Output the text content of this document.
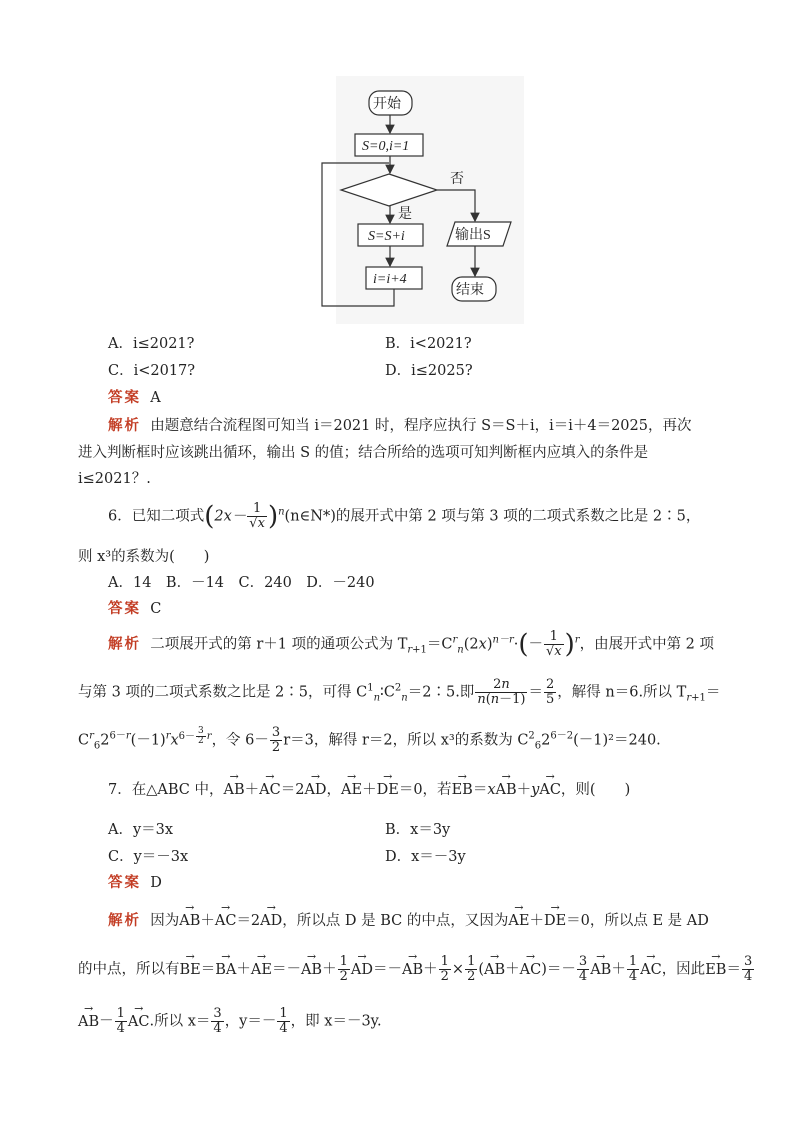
开始
S=0,i=1
否
是
S=S+i
i=i+4
输出S
结束
A．i≤2021?	B．i<2021?
C．i<2017?	D．i≤2025?
答案 A
解析 由题意结合流程图可知当 i＝2021 时，程序应执行 S＝S＋i，i＝i＋4＝2025，再次
进入判断框时应该跳出循环，输出 S 的值；结合所给的选项可知判断框内应填入的条件是
i≤2021？.
6．已知二项式($2x- \frac{1}{√x}$ )$^n(n\in N*)$的展开式中第 2 项与第 3 项的二项式系数之比是 2∶5，
则 x³的系数为(　　)
A．14　B．－14　C．240　D．－240
答案 C
解析 二项展开式的第 r＋1 项的通项公式为 $T_{r+1}=C^r_n(2x)^{n-r}\cdot(- \frac{1}{√x} )^r$，由展开式中第 2 项
与第 3 项的二项式系数之比是 2∶5，可得 $C^1_n∶C^2_n=2∶5$.即 $\frac{2n}{n(n-1)} = \frac{2}{5}$ ，解得 n＝6.所以 $T_{r+1}=$
$C^r_62^{6-r}(-1)^rx^{6- \frac{3}{2} r}$，令 $6- \frac{3}{2} r=3$，解得 r＝2，所以 x³的系数为 $C^2_62^{6-2}(-1)^2=240$.
7．在△ABC 中，→ AB＋→ AC＝2→ AD，→ AE＋→ DE＝0，若→ EB＝x→ AB＋y→ AC，则(　　)
A．y＝3x	B．x＝3y
C．y＝－3x	D．x＝－3y
答案 D
解析 因为→ AB＋→ AC＝2→ AD，所以点 D 是 BC 的中点，又因为→ AE＋→ DE＝0，所以点 E 是 AD
的中点，所以有→ $BE=\to BA+\to AE=-\to AB+ \frac{1}{2}$
→ $AD=-\to AB+ \frac{1}{2} \times \frac{1}{2}$ (→ $AB+\to AC)=- \frac{3}{4}$
→ $AB+ \frac{1}{4}$
→ AC，因此→ $EB= \frac{3}{4}$
→ $AB- \frac{1}{4}$
→ AC.所以 $x= \frac{3}{4}$ ，$y=- \frac{1}{4}$ ，即 x＝－3y.
